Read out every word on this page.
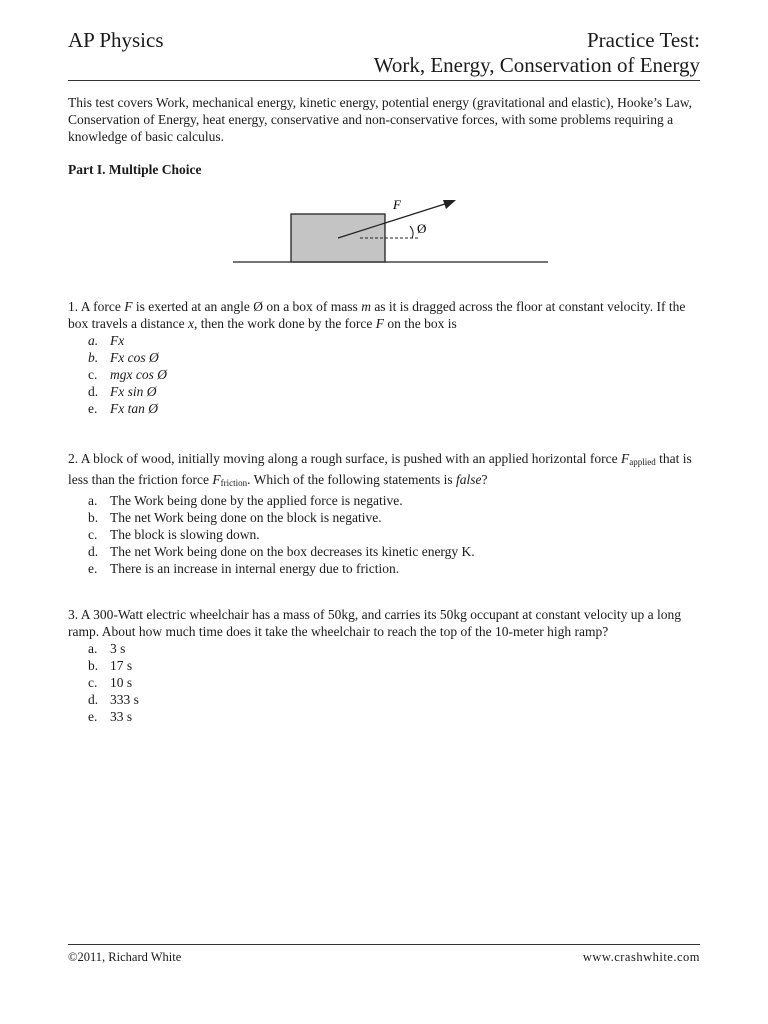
AP Physics	Practice Test:
Work, Energy, Conservation of Energy
This test covers Work, mechanical energy, kinetic energy, potential energy (gravitational and elastic), Hooke’s Law, Conservation of Energy, heat energy, conservative and non-conservative forces, with some problems requiring a knowledge of basic calculus.
Part I. Multiple Choice
F
Ø
1. A force F is exerted at an angle Ø on a box of mass m as it is dragged across the floor at constant velocity. If the box travels a distance x, then the work done by the force F on the box is
a. Fx
b. Fx cos Ø
c. mgx cos Ø
d. Fx sin Ø
e. Fx tan Ø
2. A block of wood, initially moving along a rough surface, is pushed with an applied horizontal force $F_{applied}$ that is less than the friction force $F_{friction}$. Which of the following statements is false?
a. The Work being done by the applied force is negative.
b. The net Work being done on the block is negative.
c. The block is slowing down.
d. The net Work being done on the box decreases its kinetic energy K.
e. There is an increase in internal energy due to friction.
3. A 300-Watt electric wheelchair has a mass of 50kg, and carries its 50kg occupant at constant velocity up a long ramp. About how much time does it take the wheelchair to reach the top of the 10-meter high ramp?
a. 3 s
b. 17 s
c. 10 s
d. 333 s
e. 33 s
©2011, Richard White	www.crashwhite.com
